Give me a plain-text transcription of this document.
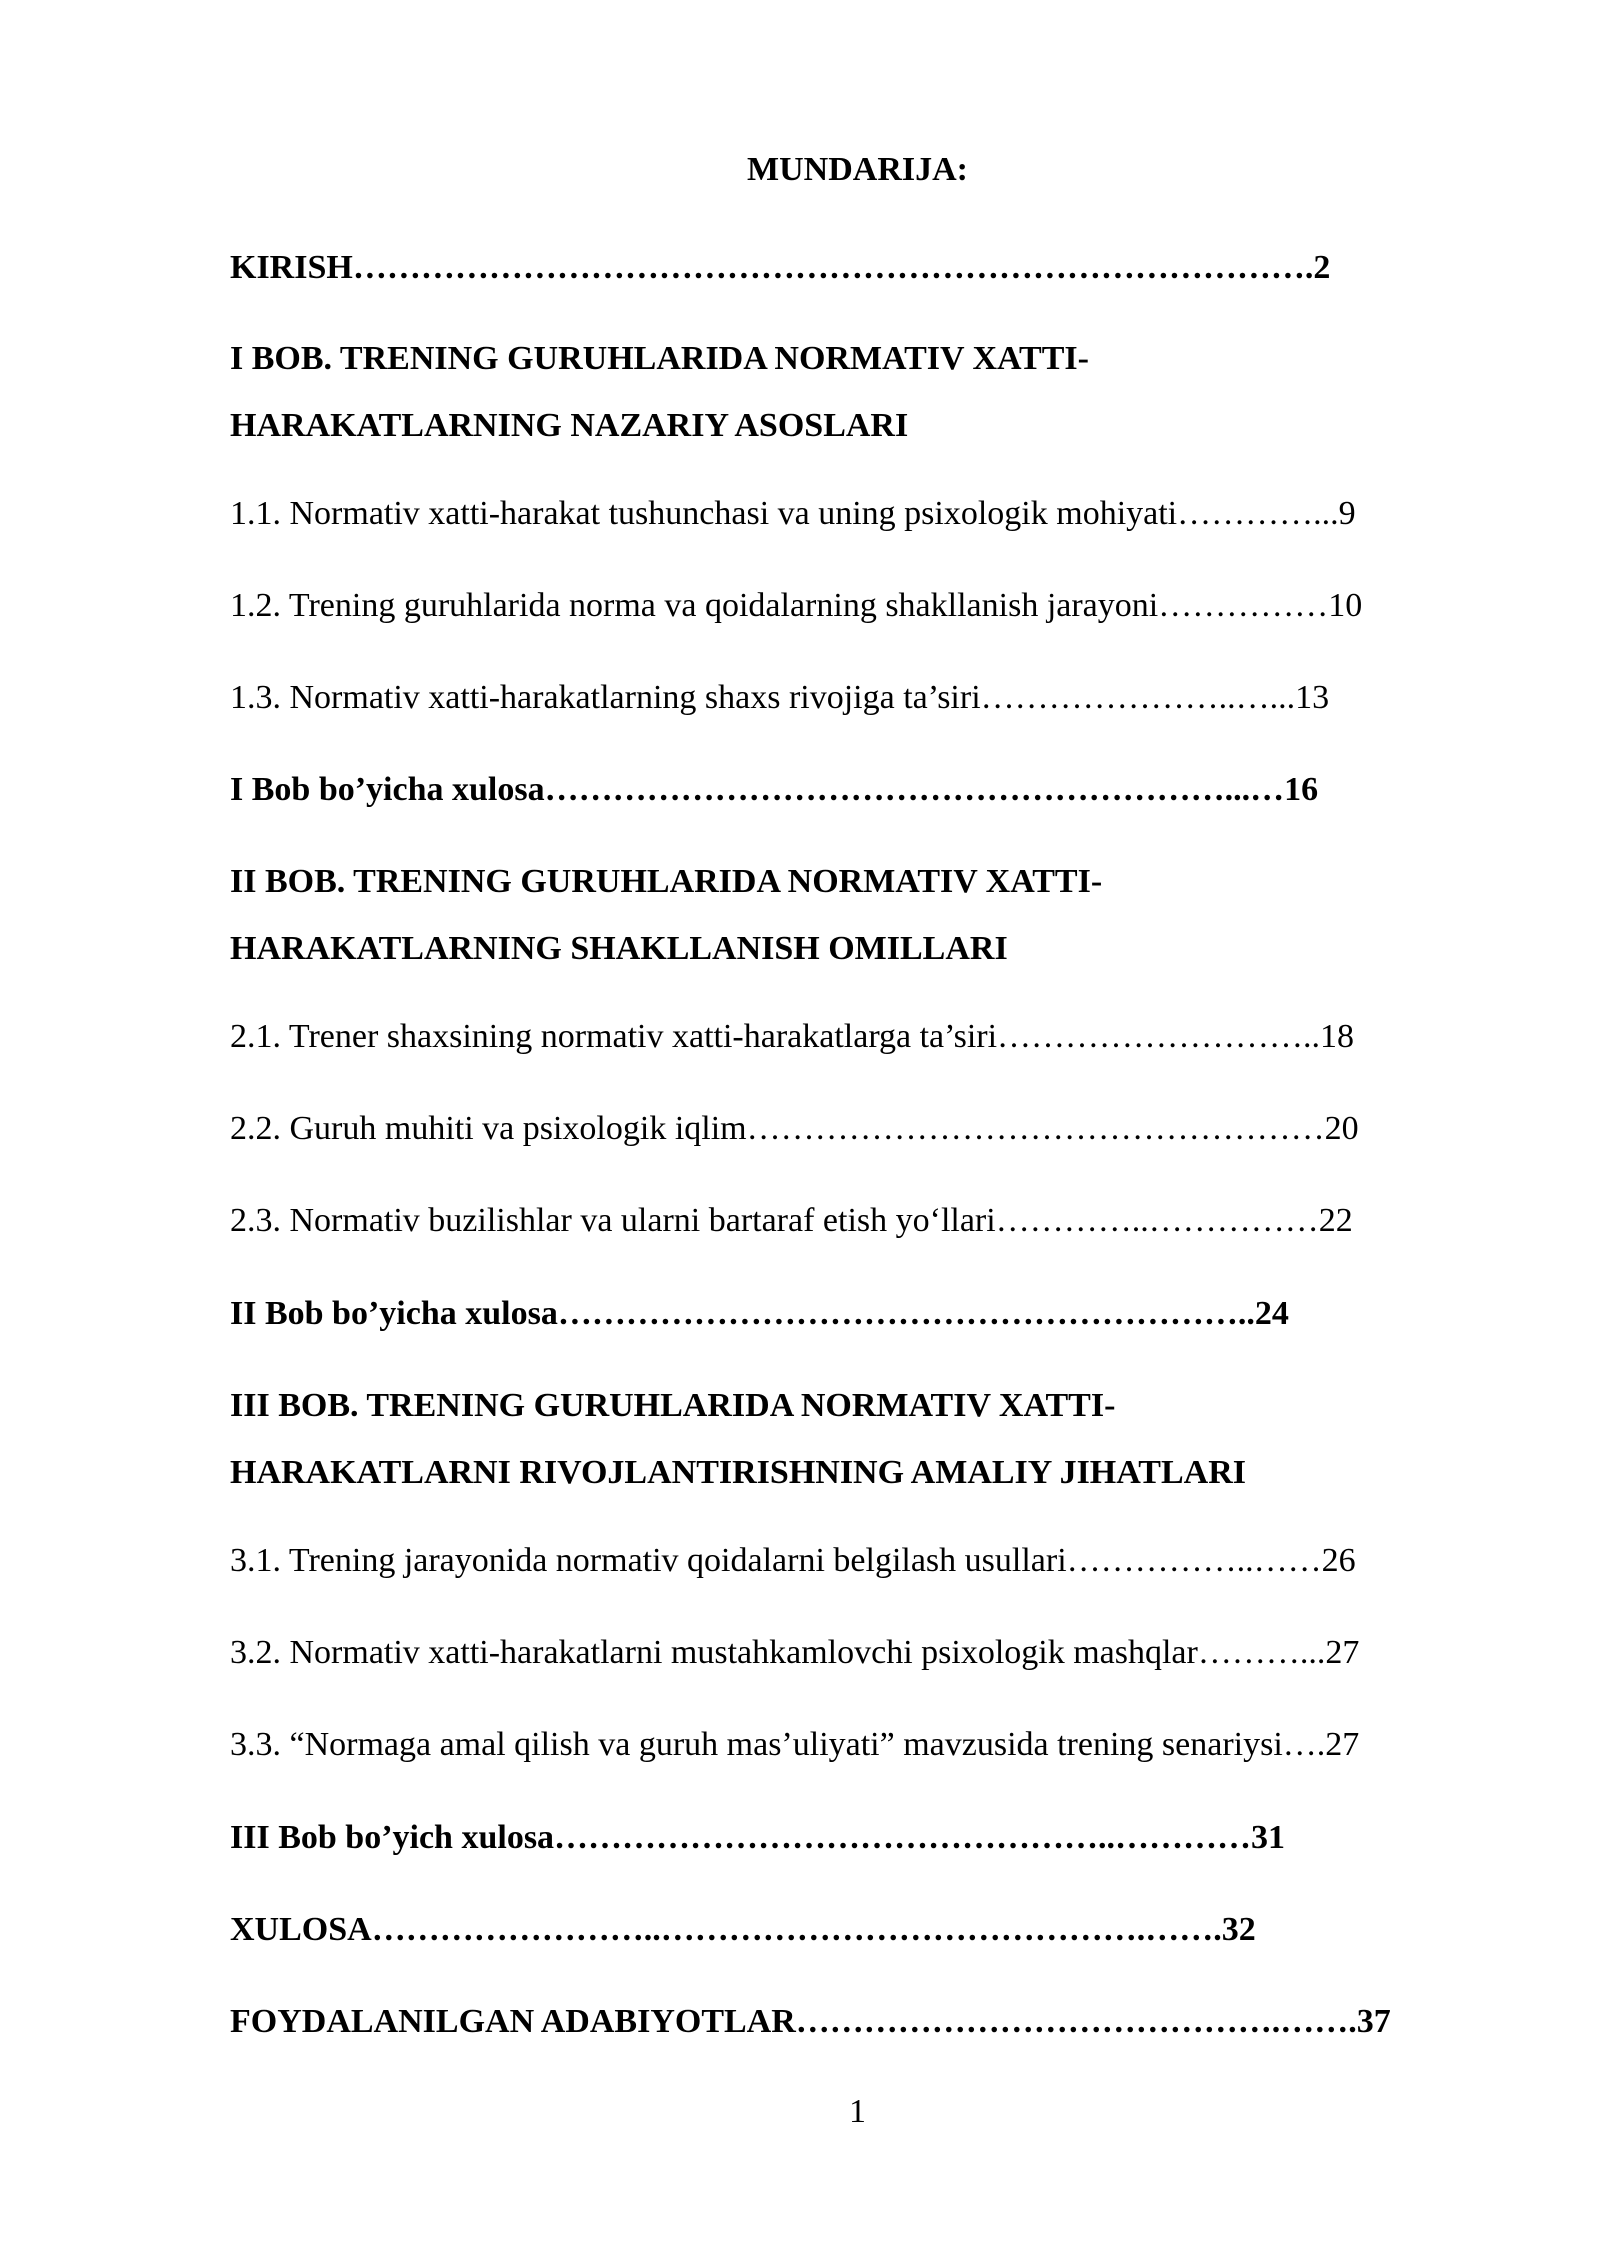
MUNDARIJA:
KIRISH………………………………………………………………………….2
I BOB. TRENING GURUHLARIDA NORMATIV XATTI-
HARAKATLARNING NAZARIY ASOSLARI
1.1. Normativ xatti-harakat tushunchasi va uning psixologik mohiyati…………...9
1.2. Trening guruhlarida norma va qoidalarning shakllanish jarayoni……………10
1.3. Normativ xatti-harakatlarning shaxs rivojiga ta’siri…………………..…...13
I Bob bo’yicha xulosa……………………………………………………...…16
II BOB. TRENING GURUHLARIDA NORMATIV XATTI-
HARAKATLARNING SHAKLLANISH OMILLARI
2.1. Trener shaxsining normativ xatti-harakatlarga ta’siri………………………..18
2.2. Guruh muhiti va psixologik iqlim……………………………………………20
2.3. Normativ buzilishlar va ularni bartaraf etish yo‘llari…………..……………22
II Bob bo’yicha xulosa……………………………………………………..24
III BOB. TRENING GURUHLARIDA NORMATIV XATTI-
HARAKATLARNI RIVOJLANTIRISHNING AMALIY JIHATLARI
3.1. Trening jarayonida normativ qoidalarni belgilash usullari……………..……26
3.2. Normativ xatti-harakatlarni mustahkamlovchi psixologik mashqlar………...27
3.3. “Normaga amal qilish va guruh mas’uliyati” mavzusida trening senariysi….27
III Bob bo’yich xulosa…………………………………………..…………31
XULOSA……………………..…………………………………….…….32
FOYDALANILGAN ADABIYOTLAR…………………………………….…….37
1
